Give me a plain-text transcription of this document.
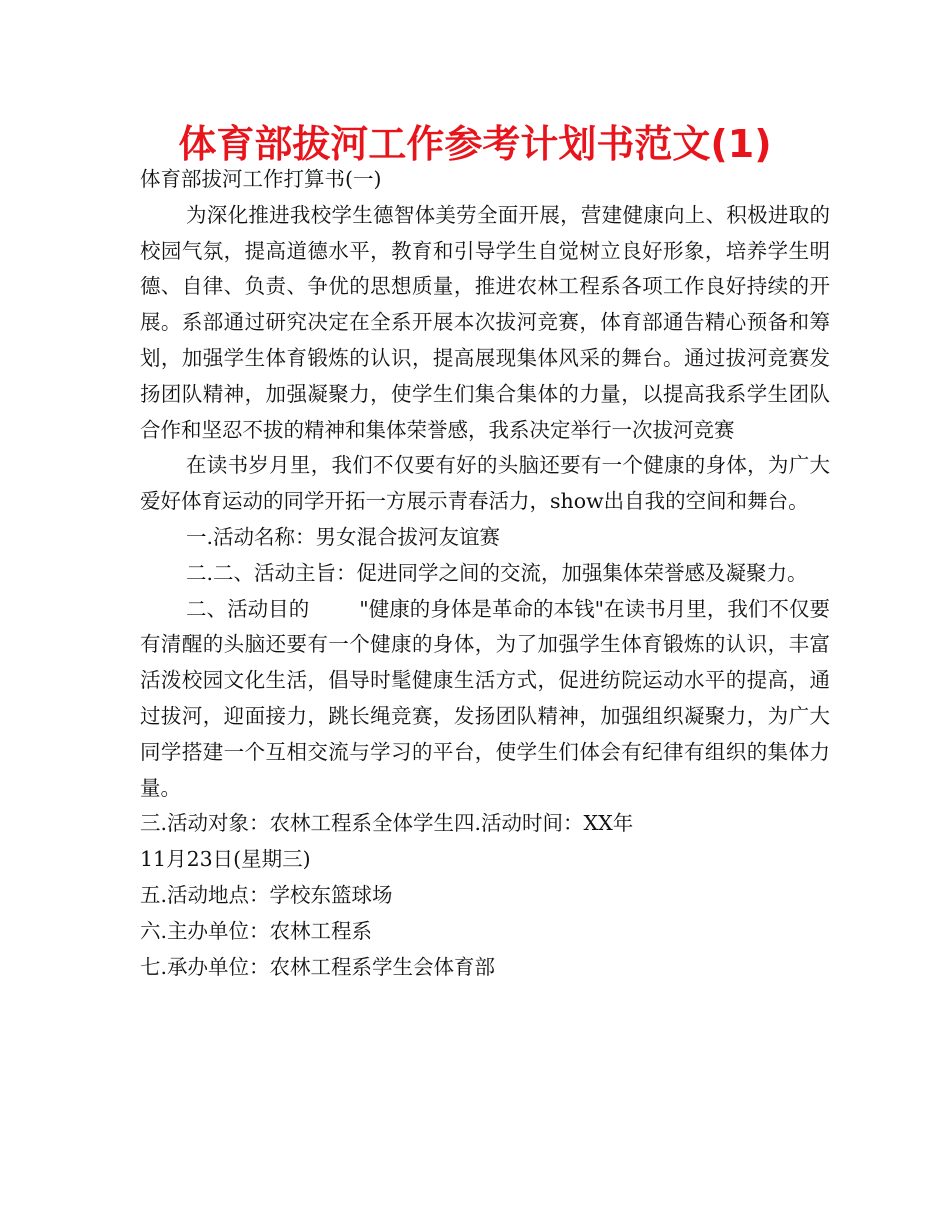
体育部拔河工作参考计划书范文(1)

体育部拔河工作打算书(一)

为深化推进我校学生德智体美劳全面开展，营建健康向上、积极进取的校园气氛，提高道德水平，教育和引导学生自觉树立良好形象，培养学生明德、自律、负责、争优的思想质量，推进农林工程系各项工作良好持续的开展。系部通过研究决定在全系开展本次拔河竞赛，体育部通告精心预备和筹划，加强学生体育锻炼的认识，提高展现集体风采的舞台。通过拔河竞赛发扬团队精神，加强凝聚力，使学生们集合集体的力量，以提高我系学生团队合作和坚忍不拔的精神和集体荣誉感，我系决定举行一次拔河竞赛

在读书岁月里，我们不仅要有好的头脑还要有一个健康的身体，为广大爱好体育运动的同学开拓一方展示青春活力，show出自我的空间和舞台。

一.活动名称：男女混合拔河友谊赛

二.二、活动主旨：促进同学之间的交流，加强集体荣誉感及凝聚力。

二、活动目的 "健康的身体是革命的本钱"在读书月里，我们不仅要有清醒的头脑还要有一个健康的身体，为了加强学生体育锻炼的认识，丰富活泼校园文化生活，倡导时髦健康生活方式，促进纺院运动水平的提高，通过拔河，迎面接力，跳长绳竞赛，发扬团队精神，加强组织凝聚力，为广大同学搭建一个互相交流与学习的平台，使学生们体会有纪律有组织的集体力量。

三.活动对象：农林工程系全体学生四.活动时间：XX年

11月23日(星期三)

五.活动地点：学校东篮球场

六.主办单位：农林工程系

七.承办单位：农林工程系学生会体育部
